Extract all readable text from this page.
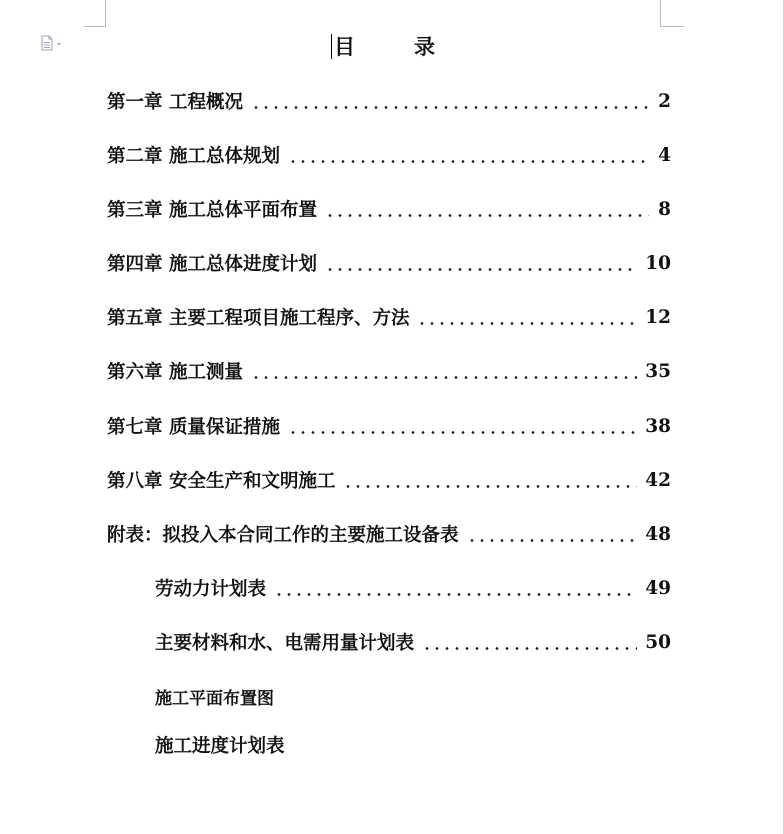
目	录
第一章 工程概况	2
第二章 施工总体规划	4
第三章 施工总体平面布置	8
第四章 施工总体进度计划	10
第五章 主要工程项目施工程序、方法	12
第六章 施工测量	35
第七章 质量保证措施	38
第八章 安全生产和文明施工	42
附表：拟投入本合同工作的主要施工设备表	48
劳动力计划表	49
主要材料和水、电需用量计划表	50
施工平面布置图
施工进度计划表
